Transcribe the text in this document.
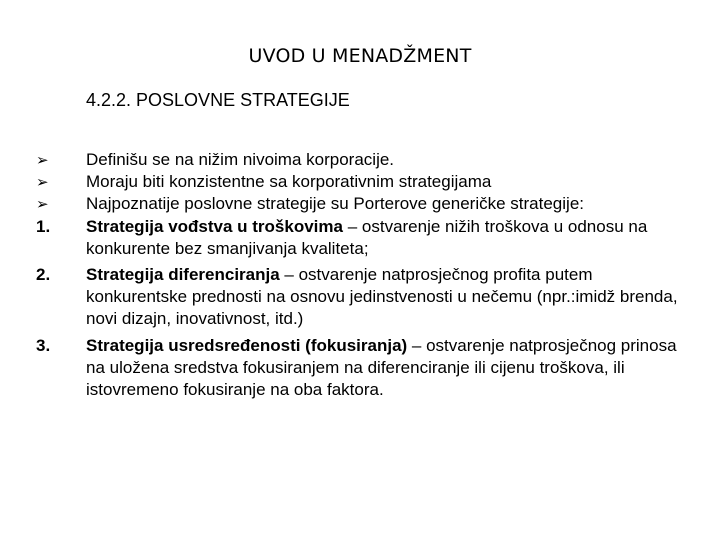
UVOD U MENADŽMENT
4.2.2. POSLOVNE STRATEGIJE
➢	Definišu se na nižim nivoima korporacije.
➢	Moraju biti konzistentne sa korporativnim strategijama
➢	Najpoznatije poslovne strategije su Porterove generičke strategije:
1.	Strategija vođstva u troškovima – ostvarenje nižih troškova u odnosu na konkurente bez smanjivanja kvaliteta;
2.	Strategija diferenciranja – ostvarenje natprosječnog profita putem konkurentske prednosti na osnovu jedinstvenosti u nečemu (npr.:imidž brenda, novi dizajn, inovativnost, itd.)
3.	Strategija usredsređenosti (fokusiranja) – ostvarenje natprosječnog prinosa na uložena sredstva fokusiranjem na diferenciranje ili cijenu troškova, ili istovremeno fokusiranje na oba faktora.
